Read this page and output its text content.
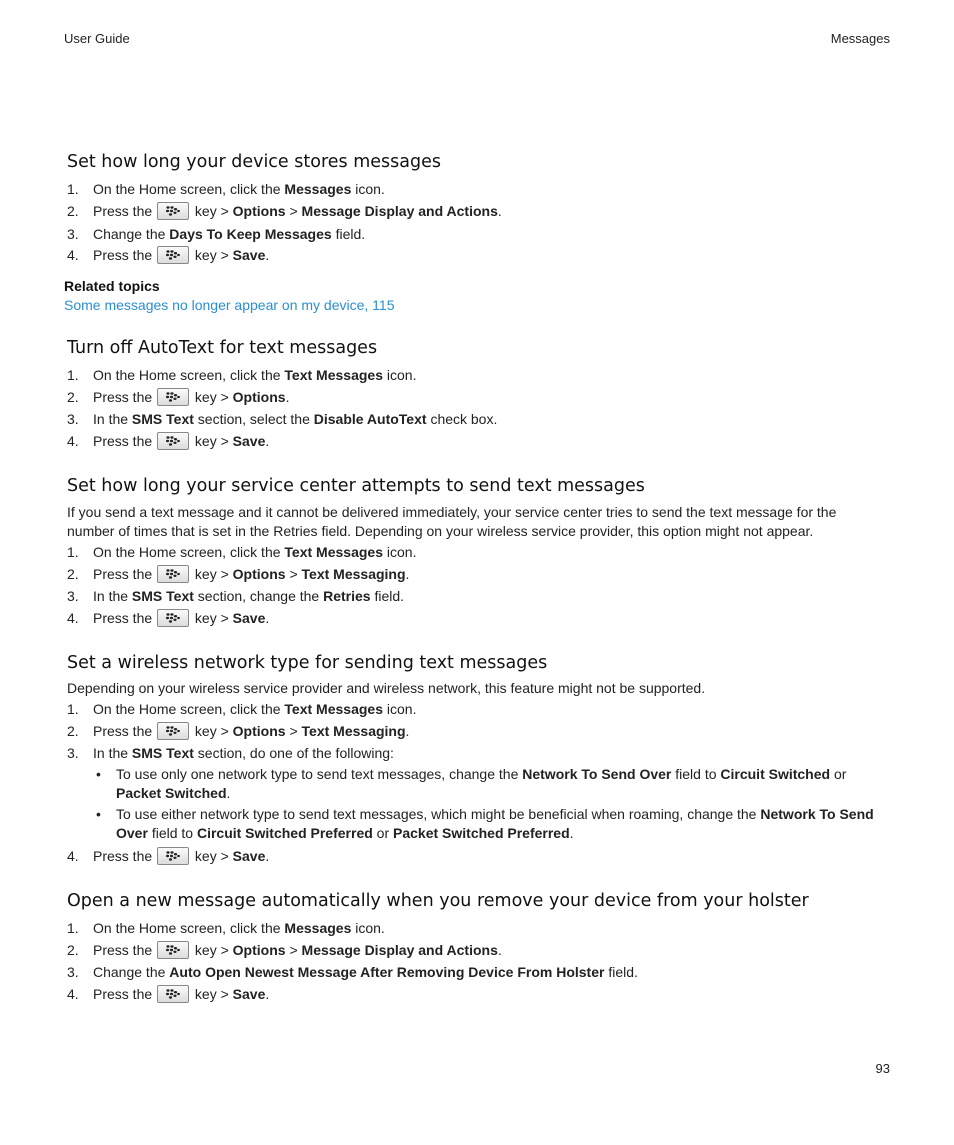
User Guide	Messages
Set how long your device stores messages
1.	On the Home screen, click the Messages icon.
2.	Press the	key > Options > Message Display and Actions.
3.	Change the Days To Keep Messages field.
4.	Press the	key > Save.
Related topics
Some messages no longer appear on my device, 115
Turn off AutoText for text messages
1.	On the Home screen, click the Text Messages icon.
2.	Press the	key > Options.
3.	In the SMS Text section, select the Disable AutoText check box.
4.	Press the	key > Save.
Set how long your service center attempts to send text messages

If you send a text message and it cannot be delivered immediately, your service center tries to send the text message for the number of times that is set in the Retries field. Depending on your wireless service provider, this option might not appear.

1.	On the Home screen, click the Text Messages icon.
2.	Press the	key > Options > Text Messaging.
3.	In the SMS Text section, change the Retries field.
4.	Press the	key > Save.
Set a wireless network type for sending text messages

Depending on your wireless service provider and wireless network, this feature might not be supported.

1.	On the Home screen, click the Text Messages icon.
2.	Press the	key > Options > Text Messaging.
3.	In the SMS Text section, do one of the following:
• To use only one network type to send text messages, change the Network To Send Over field to Circuit Switched or Packet Switched.
• To use either network type to send text messages, which might be beneficial when roaming, change the Network To Send Over field to Circuit Switched Preferred or Packet Switched Preferred.
4.	Press the	key > Save.
Open a new message automatically when you remove your device from your holster
1.	On the Home screen, click the Messages icon.
2.	Press the	key > Options > Message Display and Actions.
3.	Change the Auto Open Newest Message After Removing Device From Holster field.
4.	Press the	key > Save.
93
